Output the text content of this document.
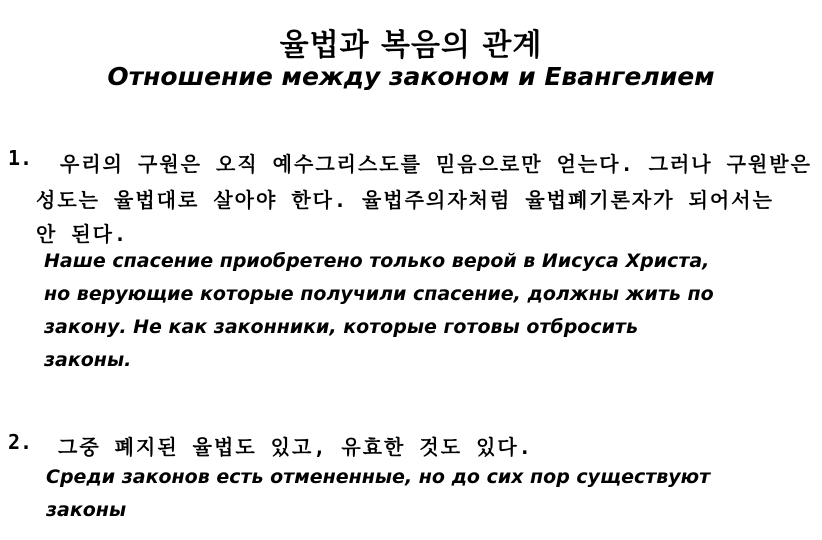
율법과 복음의 관계
Отношение между законом и Евангелием
1. 우리의 구원은 오직 예수그리스도를 믿음으로만 얻는다. 그러나 구원받은
성도는 율법대로 살아야 한다. 율법주의자처럼 율법폐기론자가 되어서는
안 된다.
Наше спасение приобретено только верой в Иисуса Христа,
но верующие которые получили спасение, должны жить по
закону. Не как законники, которые готовы отбросить
законы.
2. 그중 폐지된 율법도 있고, 유효한 것도 있다.
Среди законов есть отмененные, но до сих пор существуют
законы
